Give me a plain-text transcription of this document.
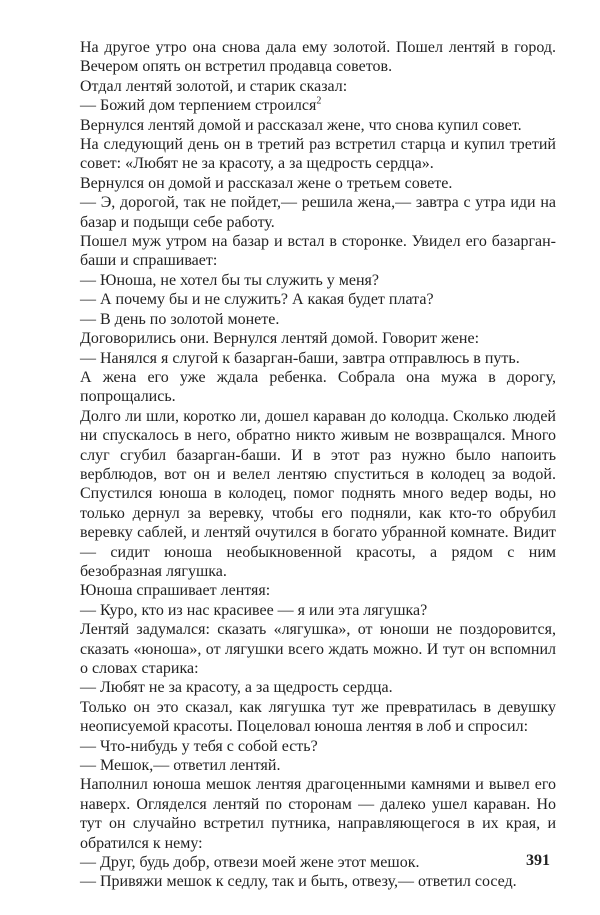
На другое утро она снова дала ему золотой. Пошел лентяй в город. Вечером опять он встретил продавца советов.

Отдал лентяй золотой, и старик сказал:

— Божий дом терпением строился$^2$

Вернулся лентяй домой и рассказал жене, что снова купил совет.

На следующий день он в третий раз встретил старца и купил третий совет: «Любят не за красоту, а за щедрость сердца».

Вернулся он домой и рассказал жене о третьем совете.

— Э, дорогой, так не пойдет,— решила жена,— завтра с утра иди на базар и подыщи себе работу.

Пошел муж утром на базар и встал в сторонке. Увидел его базарган-баши и спрашивает:

— Юноша, не хотел бы ты служить у меня?

— А почему бы и не служить? А какая будет плата?

— В день по золотой монете.

Договорились они. Вернулся лентяй домой. Говорит жене:

— Нанялся я слугой к базарган-баши, завтра отправлюсь в путь.

А жена его уже ждала ребенка. Собрала она мужа в дорогу, попрощались.

Долго ли шли, коротко ли, дошел караван до колодца. Сколько людей ни спускалось в него, обратно никто живым не возвращался. Много слуг сгубил базарган-баши. И в этот раз нужно было напоить верблюдов, вот он и велел лентяю спуститься в колодец за водой. Спустился юноша в колодец, помог поднять много ведер воды, но только дернул за веревку, чтобы его подняли, как кто-то обрубил веревку саблей, и лентяй очутился в богато убранной комнате. Видит — сидит юноша необыкновенной красоты, а рядом с ним безобразная лягушка.

Юноша спрашивает лентяя:

— Куро, кто из нас красивее — я или эта лягушка?

Лентяй задумался: сказать «лягушка», от юноши не поздоровится, сказать «юноша», от лягушки всего ждать можно. И тут он вспомнил о словах старика:

— Любят не за красоту, а за щедрость сердца.

Только он это сказал, как лягушка тут же превратилась в девушку неописуемой красоты. Поцеловал юноша лентяя в лоб и спросил:

— Что-нибудь у тебя с собой есть?

— Мешок,— ответил лентяй.

Наполнил юноша мешок лентяя драгоценными камнями и вывел его наверх. Огляделся лентяй по сторонам — далеко ушел караван. Но тут он случайно встретил путника, направляющегося в их края, и обратился к нему:

— Друг, будь добр, отвези моей жене этот мешок.

— Привяжи мешок к седлу, так и быть, отвезу,— ответил сосед.

391
